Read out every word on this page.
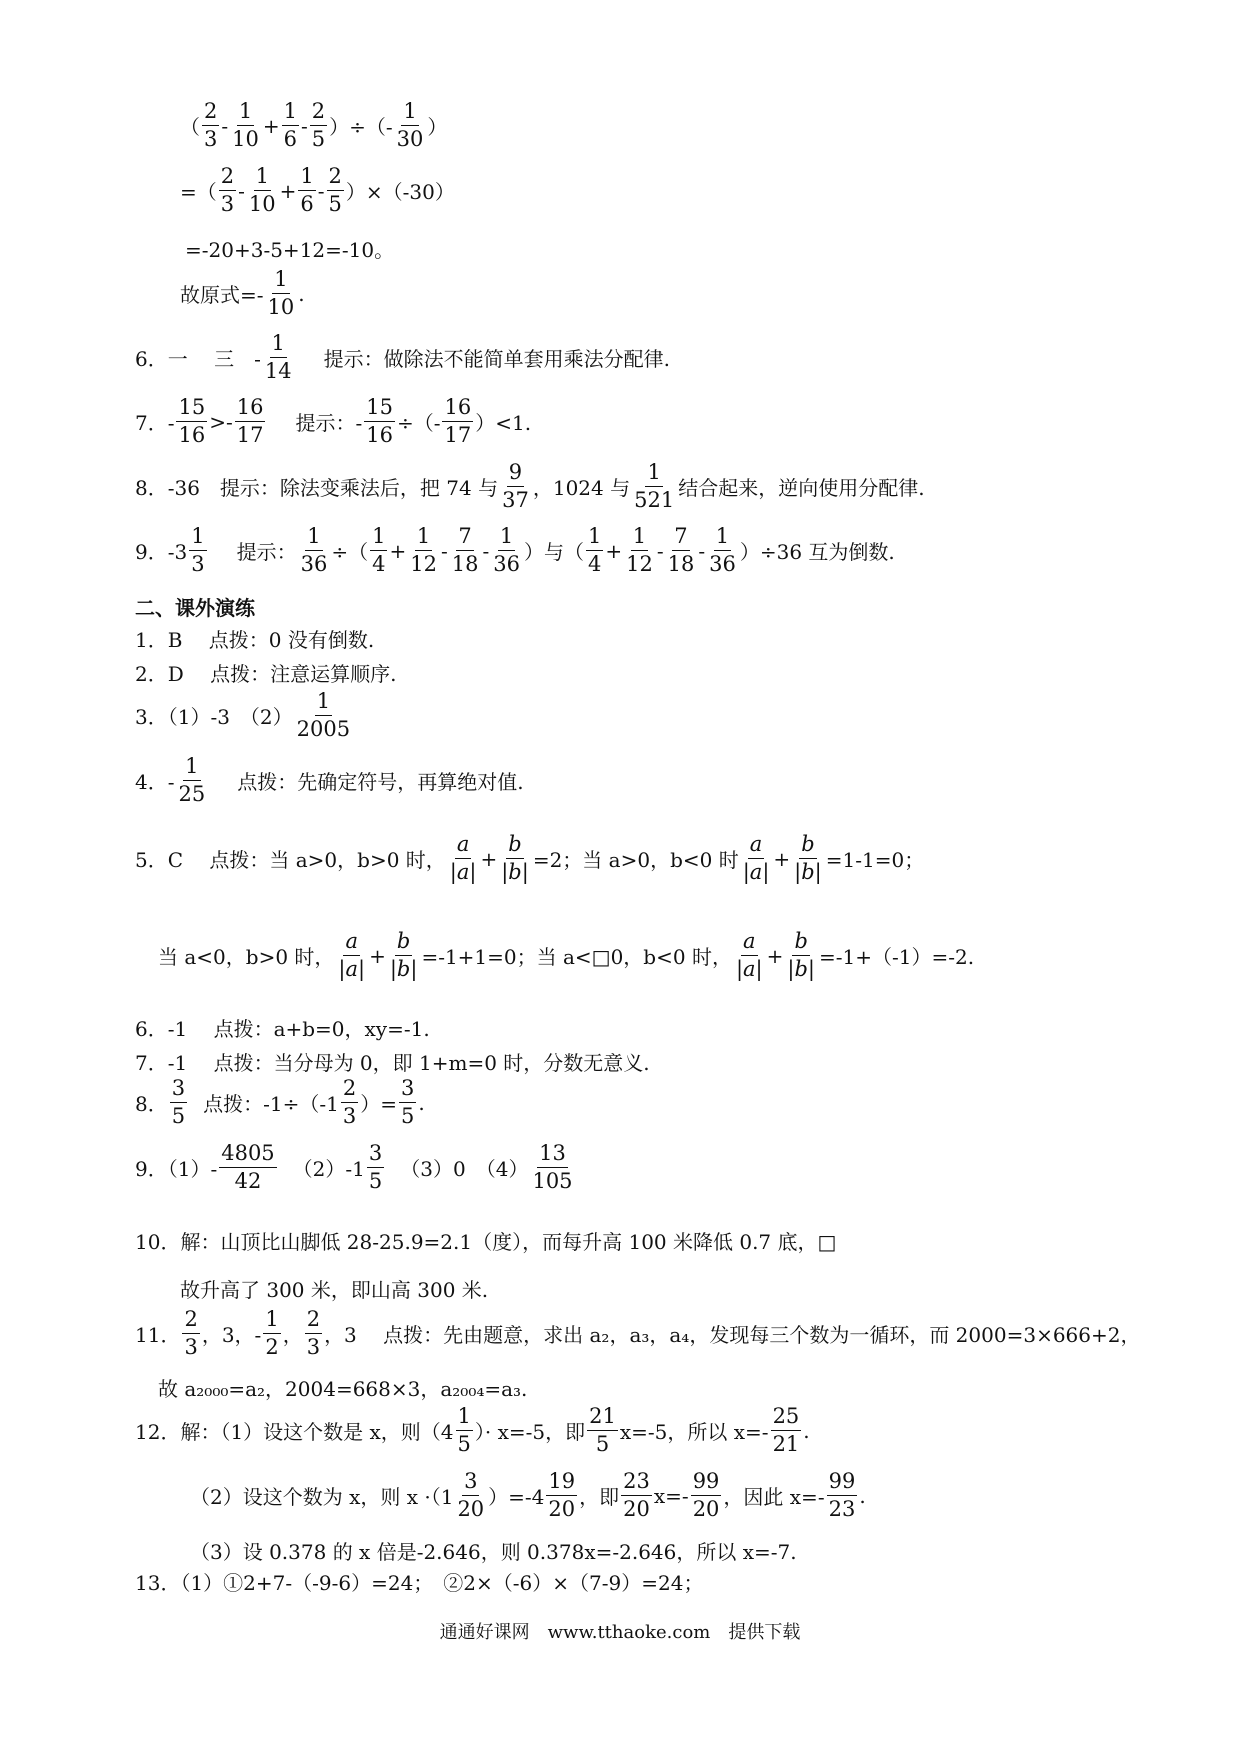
（
2
3
-
1
10
+ $\frac{1}{6}$ -
2
5 ）÷（-
1
30 ）
=（
2
3
-
1
10
+ $\frac{1}{6}$ -
2
5 ）×（-30）
=-20+3-5+12=-10。
故原式=-
1
10
.
6．一　 三　-
1
14 提示：做除法不能简单套用乘法分配律.
7．-
15
16
>-
16
17 提示：- $\frac{15}{16}$ ÷（-
16
17 ）<1.
8．-36　提示：除法变乘法后，把 74 与
9
37 ，1024 与
1
521 结合起来，逆向使用分配律.
9．-3
1
3 提示： $\frac{1}{36}$ ÷（
1
4
+ $\frac{1}{12}$ -
7
18
-
1
36 ）与（
1
4
+ $\frac{1}{12}$ -
7
18
-
1
36 ）÷36 互为倒数.
二、课外演练
1．B　 点拨：0 没有倒数.
2．D　 点拨：注意运算顺序.
3．（1）-3　（2）
1
2005
4．-
1
25 点拨：先确定符号，再算绝对值.
5．C　 点拨：当 a>0，b>0 时，
a
|a|
+ $\frac{b}{|b|} =2$；当 a>0，b<0 时
a
|a|
+ $\frac{b}{|b|} =1-1=0$；
当 a<0，b>0 时，
a
|a|
+ $\frac{b}{|b|} =-1+1=0$；当 a<□0，b<0 时，
a
|a|
+ $\frac{b}{|b|} =-1+(-1)=-2$.
6．-1　 点拨：a+b=0，xy=-1.
7．-1　 点拨：当分母为 0，即 1+m=0 时，分数无意义.
8．
3
5 点拨：-1÷（-1
2
3 ）= $\frac{3}{5}$ .
9．（1）-
4805
42 （2）-1
3
5 （3）0　（4）
13
105
10．解：山顶比山脚低 28-25.9=2.1（度），而每升高 100 米降低 0.7 底，□
故升高了 300 米，即山高 300 米.
11．
2
3 ，3，-
1
2 ，
2
3 ，3　 点拨：先由题意，求出 a₂，a₃，a₄，发现每三个数为一循环，而 2000=3×666+2，
故 a₂₀₀₀=a₂，2004=668×3，a₂₀₀₄=a₃.
12．解：（1）设这个数是 x，则（4
1
5 ）· x=-5，即
21
5 x=-5，所以 x=-
25
21
.
（2）设这个数为 x，则 x ·（1
3
20 ）=-4
19
20 ，即
23
20
x=-
99
20 ，因此 x=-
99
23
.
（3）设 0.378 的 x 倍是-2.646，则 0.378x=-2.646，所以 x=-7.
13．（1）①2+7-（-9-6）=24；　②2×（-6）×（7-9）=24；
通通好课网　www.tthaoke.com　提供下载
